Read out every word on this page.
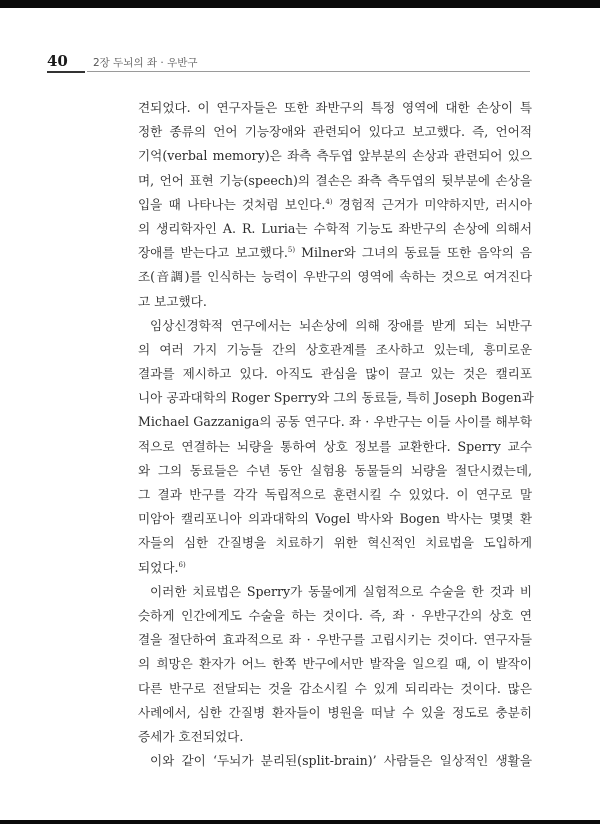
40 2장 두뇌의 좌 · 우반구
견되었다. 이 연구자들은 또한 좌반구의 특정 영역에 대한 손상이 특
정한 종류의 언어 기능장애와 관련되어 있다고 보고했다. 즉, 언어적
기억(verbal memory)은 좌측 측두엽 앞부분의 손상과 관련되어 있으
며, 언어 표현 기능(speech)의 결손은 좌측 측두엽의 뒷부분에 손상을
입을 때 나타나는 것처럼 보인다.$^{4)}$ 경험적 근거가 미약하지만, 러시아
의 생리학자인 A. R. Luria는 수학적 기능도 좌반구의 손상에 의해서
장애를 받는다고 보고했다.$^{5)}$ Milner와 그녀의 동료들 또한 음악의 음
조(音調)를 인식하는 능력이 우반구의 영역에 속하는 것으로 여겨진다
고 보고했다.
임상신경학적 연구에서는 뇌손상에 의해 장애를 받게 되는 뇌반구
의 여러 가지 기능들 간의 상호관계를 조사하고 있는데, 흥미로운
결과를 제시하고 있다. 아직도 관심을 많이 끌고 있는 것은 캘리포
니아 공과대학의 Roger Sperry와 그의 동료들, 특히 Joseph Bogen과
Michael Gazzaniga의 공동 연구다. 좌 · 우반구는 이들 사이를 해부학
적으로 연결하는 뇌량을 통하여 상호 정보를 교환한다. Sperry 교수
와 그의 동료들은 수년 동안 실험용 동물들의 뇌량을 절단시켰는데,
그 결과 반구를 각각 독립적으로 훈련시킬 수 있었다. 이 연구로 말
미암아 캘리포니아 의과대학의 Vogel 박사와 Bogen 박사는 몇몇 환
자들의 심한 간질병을 치료하기 위한 혁신적인 치료법을 도입하게
되었다.$^{6)}$
이러한 치료법은 Sperry가 동물에게 실험적으로 수술을 한 것과 비
슷하게 인간에게도 수술을 하는 것이다. 즉, 좌 · 우반구간의 상호 연
결을 절단하여 효과적으로 좌 · 우반구를 고립시키는 것이다. 연구자들
의 희망은 환자가 어느 한쪽 반구에서만 발작을 일으킬 때, 이 발작이
다른 반구로 전달되는 것을 감소시킬 수 있게 되리라는 것이다. 많은
사례에서, 심한 간질병 환자들이 병원을 떠날 수 있을 정도로 충분히
증세가 호전되었다.
이와 같이 ‘두뇌가 분리된(split-brain)’ 사람들은 일상적인 생활을
